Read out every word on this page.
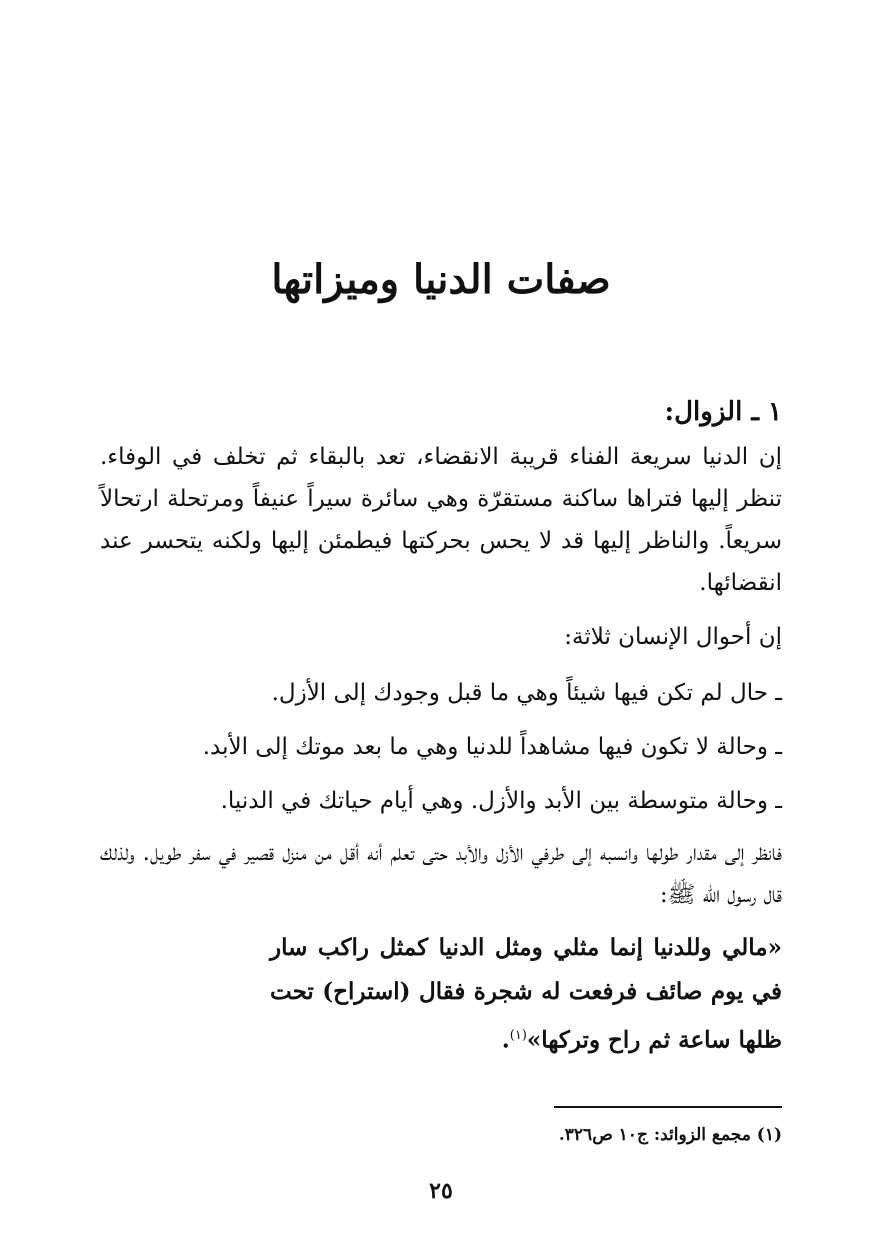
صفات الدنيا وميزاتها
١ ـ الزوال:

إن الدنيا سريعة الفناء قريبة الانقضاء، تعد بالبقاء ثم تخلف في الوفاء. تنظر إليها فتراها ساكنة مستقرّة وهي سائرة سيراً عنيفاً ومرتحلة ارتحالاً سريعاً. والناظر إليها قد لا يحس بحركتها فيطمئن إليها ولكنه يتحسر عند انقضائها.

إن أحوال الإنسان ثلاثة:

ـ حال لم تكن فيها شيئاً وهي ما قبل وجودك إلى الأزل.
ـ وحالة لا تكون فيها مشاهداً للدنيا وهي ما بعد موتك إلى الأبد.
ـ وحالة متوسطة بين الأبد والأزل. وهي أيام حياتك في الدنيا.

فانظر إلى مقدار طولها وانسبه إلى طرفي الأزل والأبد حتى تعلم أنه أقل من منزل قصير في سفر طويل. ولذلك قال رسول الله ﷺ:

«مالي وللدنيا إنما مثلي ومثل الدنيا كمثل راكب سار في يوم صائف فرفعت له شجرة فقال (استراح) تحت ظلها ساعة ثم راح وتركها»$^{(١)}$.
(١) مجمع الزوائد: ج١٠ ص٣٢٦.
٢٥
